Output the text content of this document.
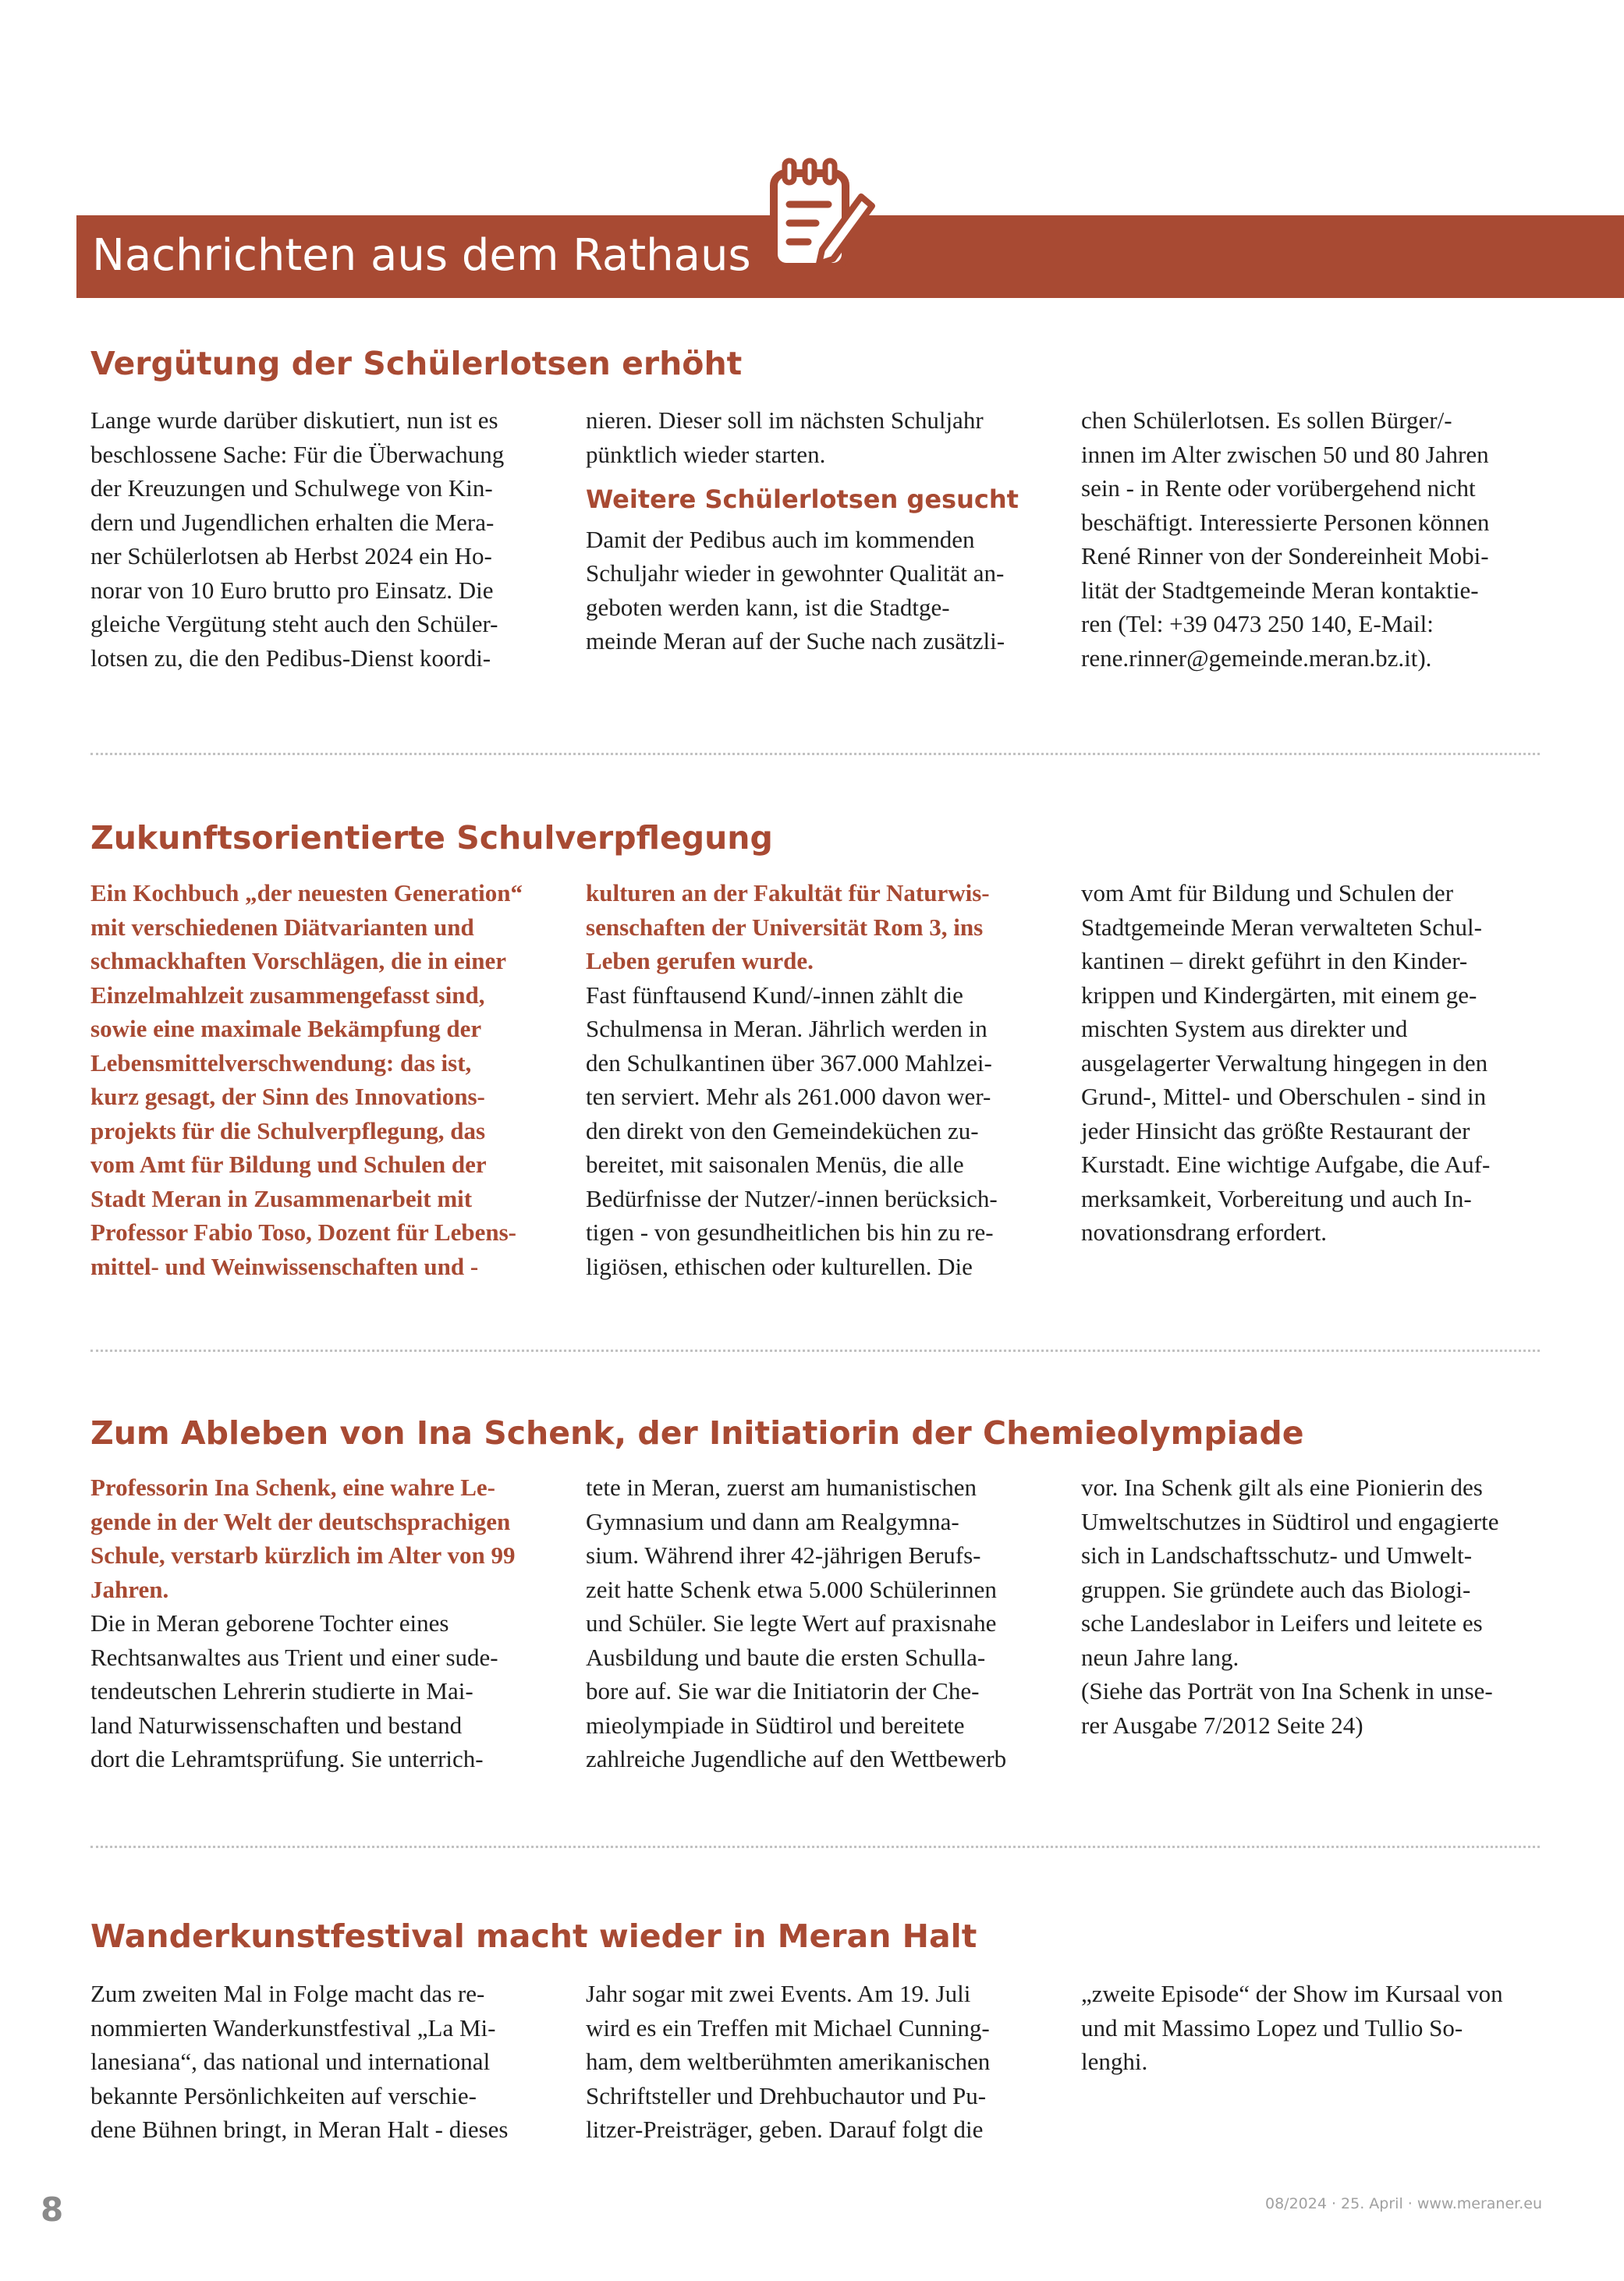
Nachrichten aus dem Rathaus
Vergütung der Schülerlotsen erhöht
Lange wurde darüber diskutiert, nun ist es
beschlossene Sache: Für die Überwachung
der Kreuzungen und Schulwege von Kin-
dern und Jugendlichen erhalten die Mera-
ner Schülerlotsen ab Herbst 2024 ein Ho-
norar von 10 Euro brutto pro Einsatz. Die
gleiche Vergütung steht auch den Schüler-
lotsen zu, die den Pedibus-Dienst koordi-
nieren. Dieser soll im nächsten Schuljahr
pünktlich wieder starten.
Weitere Schülerlotsen gesucht
Damit der Pedibus auch im kommenden
Schuljahr wieder in gewohnter Qualität an-
geboten werden kann, ist die Stadtge-
meinde Meran auf der Suche nach zusätzli-
chen Schülerlotsen. Es sollen Bürger/-
innen im Alter zwischen 50 und 80 Jahren
sein - in Rente oder vorübergehend nicht
beschäftigt. Interessierte Personen können
René Rinner von der Sondereinheit Mobi-
lität der Stadtgemeinde Meran kontaktie-
ren (Tel: +39 0473 250 140, E-Mail:
rene.rinner@gemeinde.meran.bz.it).
Zukunftsorientierte Schulverpflegung
Ein Kochbuch „der neuesten Generation“
mit verschiedenen Diätvarianten und
schmackhaften Vorschlägen, die in einer
Einzelmahlzeit zusammengefasst sind,
sowie eine maximale Bekämpfung der
Lebensmittelverschwendung: das ist,
kurz gesagt, der Sinn des Innovations-
projekts für die Schulverpflegung, das
vom Amt für Bildung und Schulen der
Stadt Meran in Zusammenarbeit mit
Professor Fabio Toso, Dozent für Lebens-
mittel- und Weinwissenschaften und -
kulturen an der Fakultät für Naturwis-
senschaften der Universität Rom 3, ins
Leben gerufen wurde.
Fast fünftausend Kund/-innen zählt die
Schulmensa in Meran. Jährlich werden in
den Schulkantinen über 367.000 Mahlzei-
ten serviert. Mehr als 261.000 davon wer-
den direkt von den Gemeindeküchen zu-
bereitet, mit saisonalen Menüs, die alle
Bedürfnisse der Nutzer/-innen berücksich-
tigen - von gesundheitlichen bis hin zu re-
ligiösen, ethischen oder kulturellen. Die
vom Amt für Bildung und Schulen der
Stadtgemeinde Meran verwalteten Schul-
kantinen – direkt geführt in den Kinder-
krippen und Kindergärten, mit einem ge-
mischten System aus direkter und
ausgelagerter Verwaltung hingegen in den
Grund-, Mittel- und Oberschulen - sind in
jeder Hinsicht das größte Restaurant der
Kurstadt. Eine wichtige Aufgabe, die Auf-
merksamkeit, Vorbereitung und auch In-
novationsdrang erfordert.
Zum Ableben von Ina Schenk, der Initiatiorin der Chemieolympiade
Professorin Ina Schenk, eine wahre Le-
gende in der Welt der deutschsprachigen
Schule, verstarb kürzlich im Alter von 99
Jahren.
Die in Meran geborene Tochter eines
Rechtsanwaltes aus Trient und einer sude-
tendeutschen Lehrerin studierte in Mai-
land Naturwissenschaften und bestand
dort die Lehramtsprüfung. Sie unterrich-
tete in Meran, zuerst am humanistischen
Gymnasium und dann am Realgymna-
sium. Während ihrer 42-jährigen Berufs-
zeit hatte Schenk etwa 5.000 Schülerinnen
und Schüler. Sie legte Wert auf praxisnahe
Ausbildung und baute die ersten Schulla-
bore auf. Sie war die Initiatorin der Che-
mieolympiade in Südtirol und bereitete
zahlreiche Jugendliche auf den Wettbewerb
vor. Ina Schenk gilt als eine Pionierin des
Umweltschutzes in Südtirol und engagierte
sich in Landschaftsschutz- und Umwelt-
gruppen. Sie gründete auch das Biologi-
sche Landeslabor in Leifers und leitete es
neun Jahre lang.
(Siehe das Porträt von Ina Schenk in unse-
rer Ausgabe 7/2012 Seite 24)
Wanderkunstfestival macht wieder in Meran Halt
Zum zweiten Mal in Folge macht das re-
nommierten Wanderkunstfestival „La Mi-
lanesiana“, das national und international
bekannte Persönlichkeiten auf verschie-
dene Bühnen bringt, in Meran Halt - dieses
Jahr sogar mit zwei Events. Am 19. Juli
wird es ein Treffen mit Michael Cunning-
ham, dem weltberühmten amerikanischen
Schriftsteller und Drehbuchautor und Pu-
litzer-Preisträger, geben. Darauf folgt die
„zweite Episode“ der Show im Kursaal von
und mit Massimo Lopez und Tullio So-
lenghi.
8	08/2024 · 25. April · www.meraner.eu
